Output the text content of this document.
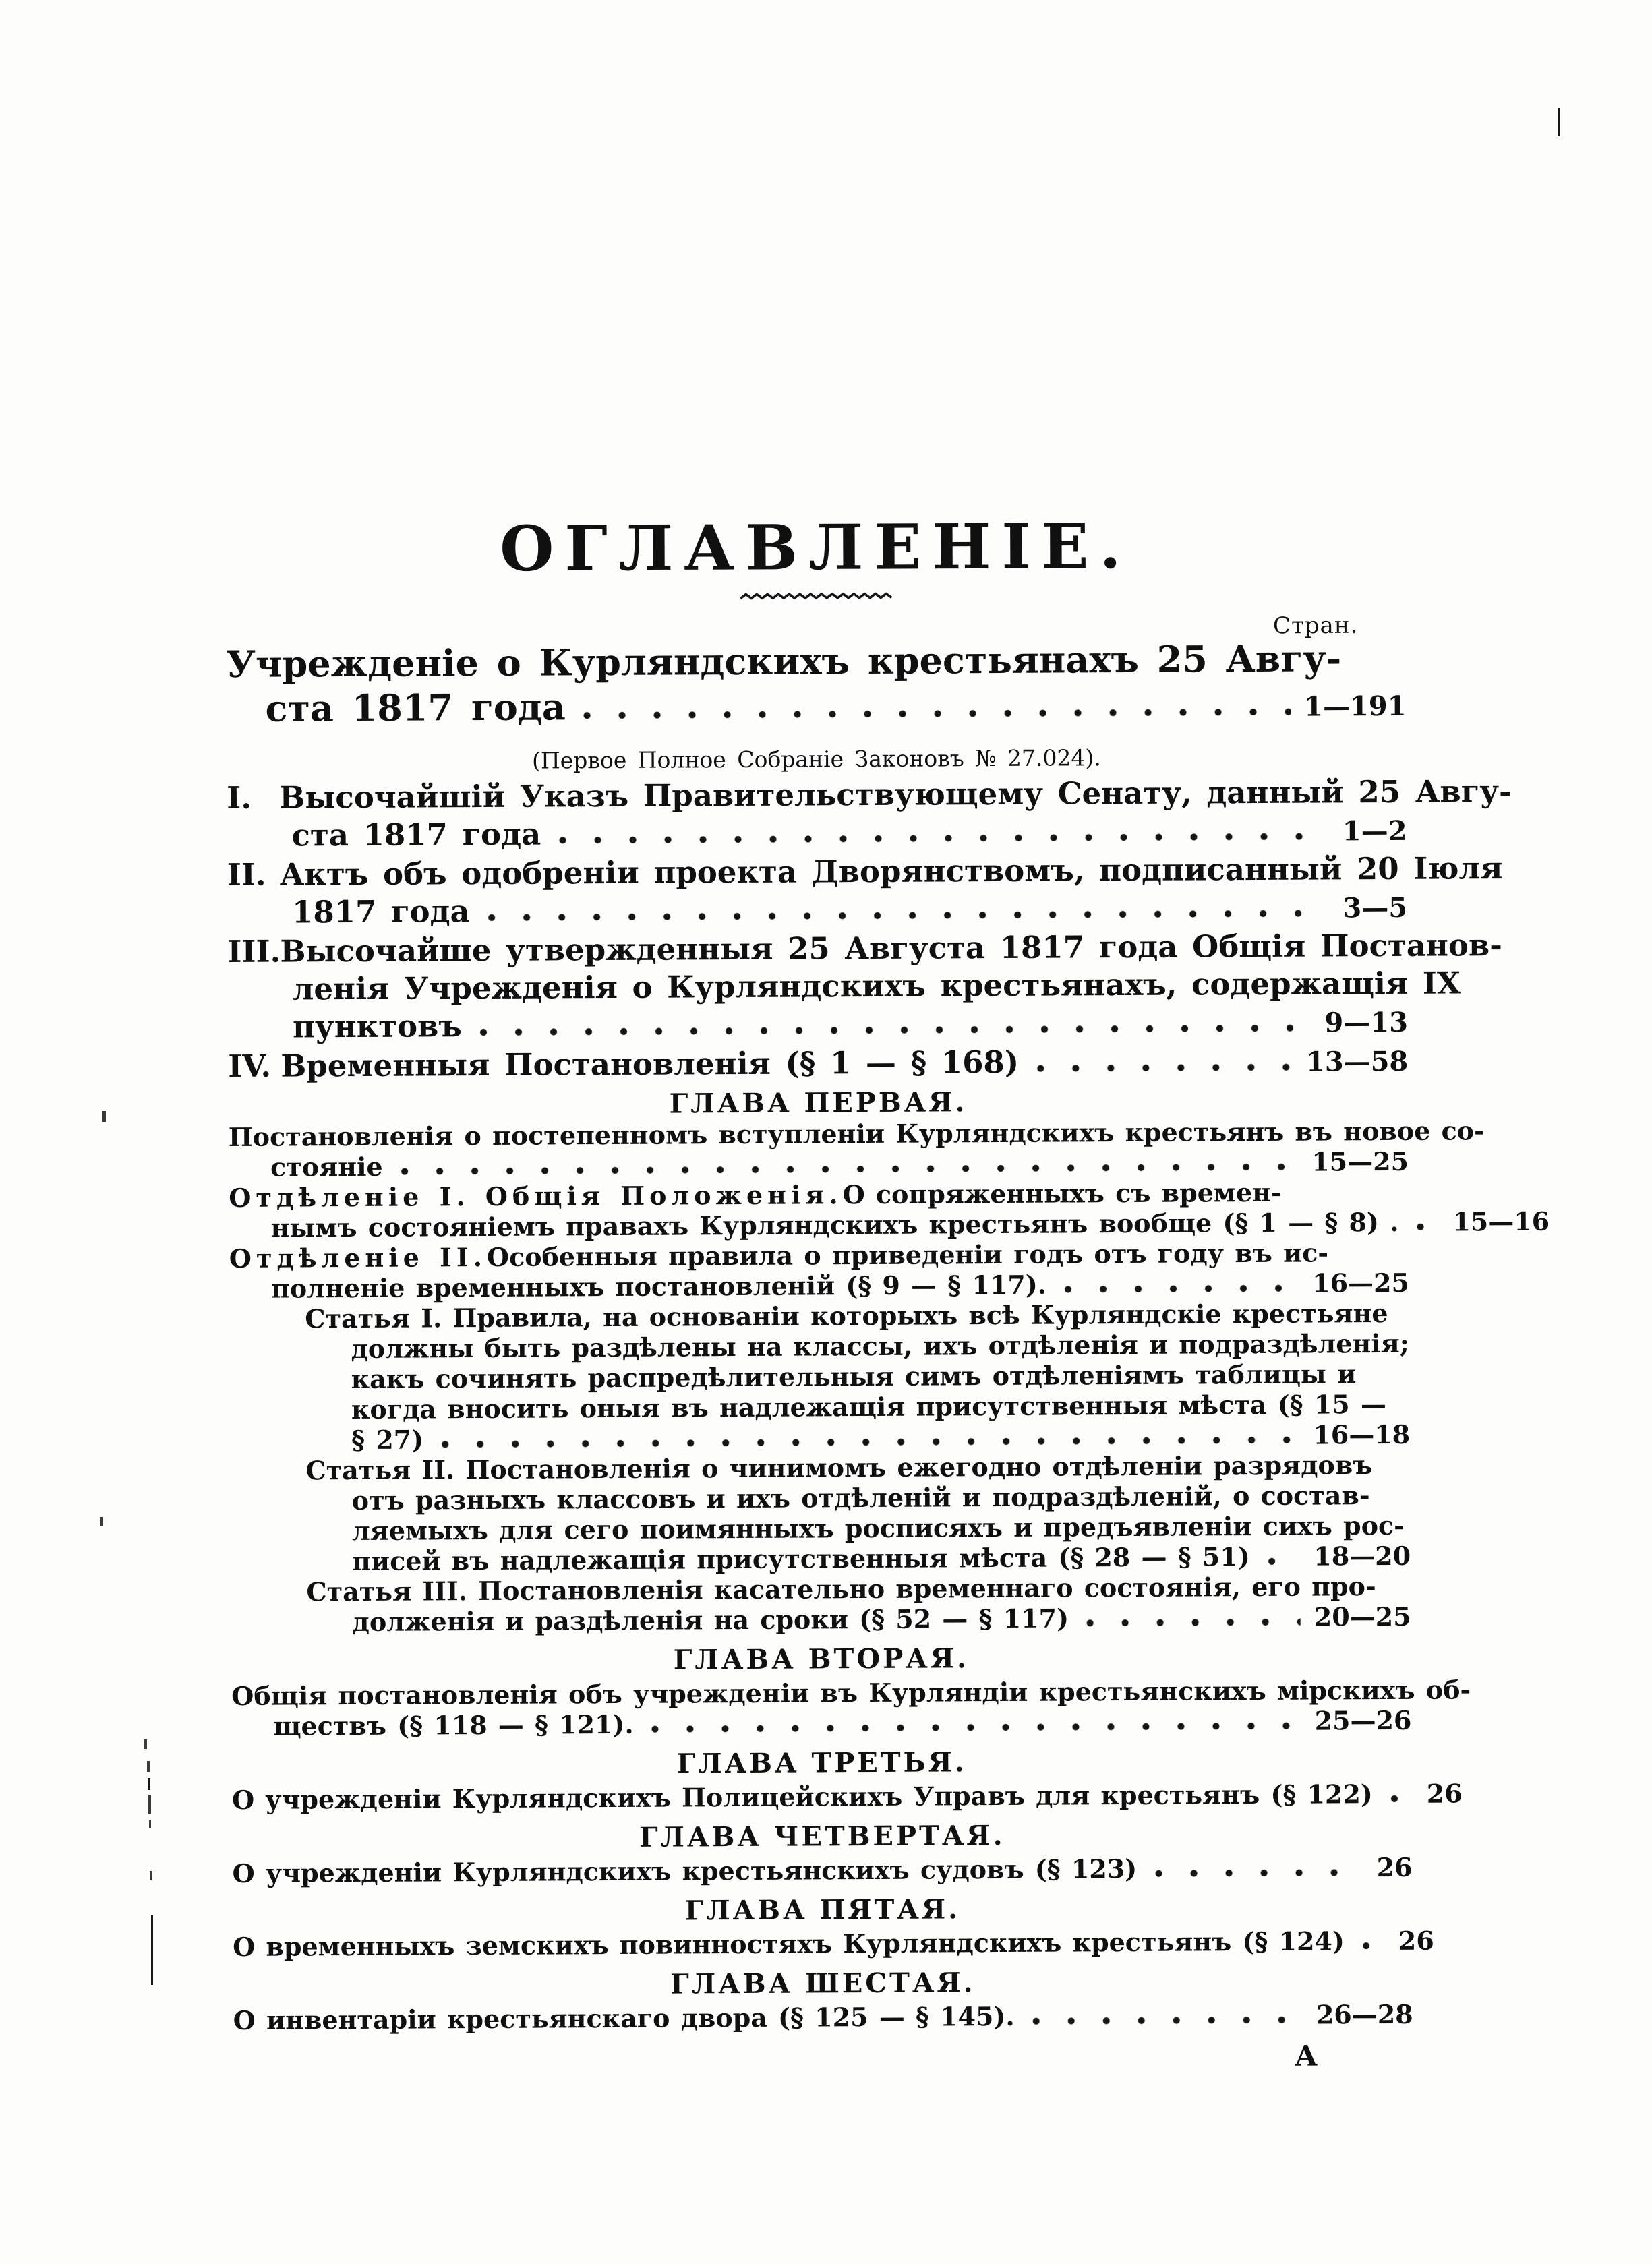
ОГЛАВЛЕНІЕ.
Стран.
Учрежденіе о Курляндскихъ крестьянахъ 25 Авгу-
ста 1817 года	1—191
(Первое Полное Собраніе Законовъ № 27.024).
I. Высочайшій Указъ Правительствующему Сенату, данный 25 Авгу-
ста 1817 года	1—2
II. Актъ объ одобреніи проекта Дворянствомъ, подписанный 20 Іюля
1817 года	3—5
III.
Высочайше утвержденныя 25 Августа 1817 года Общія Постанов-
ленія Учрежденія о Курляндскихъ крестьянахъ, содержащія IX
пунктовъ	9—13
IV. Временныя Постановленія (§ 1 — § 168)	13—58
ГЛАВА ПЕРВАЯ.
Постановленія о постепенномъ вступленіи Курляндскихъ крестьянъ въ новое со-
стояніе	15—25
Отдѣленіе I. Общія Положенія. О сопряженныхъ съ времен-
нымъ состояніемъ правахъ Курляндскихъ крестьянъ вообще (§ 1 — § 8) . 15—16
Отдѣленіе II. Особенныя правила о приведеніи годъ отъ году въ ис-
полненіе временныхъ постановленій (§ 9 — § 117).	16—25
Статья I. Правила, на основаніи которыхъ всѣ Курляндскіе крестьяне
должны быть раздѣлены на классы, ихъ отдѣленія и подраздѣленія;
какъ сочинять распредѣлительныя симъ отдѣленіямъ таблицы и
когда вносить оныя въ надлежащія присутственныя мѣста (§ 15 —
§ 27)	16—18
Статья II. Постановленія о чинимомъ ежегодно отдѣленіи разрядовъ
отъ разныхъ классовъ и ихъ отдѣленій и подраздѣленій, о состав-
ляемыхъ для сего поимянныхъ росписяхъ и предъявленіи сихъ рос-
писей въ надлежащія присутственныя мѣста (§ 28 — § 51) 18—20
Статья III. Постановленія касательно временнаго состоянія, его про-
долженія и раздѣленія на сроки (§ 52 — § 117)	20—25
ГЛАВА ВТОРАЯ.
Общія постановленія объ учрежденіи въ Курляндіи крестьянскихъ мірскихъ об-
ществъ (§ 118 — § 121).	25—26
ГЛАВА ТРЕТЬЯ.
О учрежденіи Курляндскихъ Полицейскихъ Управъ для крестьянъ (§ 122) 26
ГЛАВА ЧЕТВЕРТАЯ.
О учрежденіи Курляндскихъ крестьянскихъ судовъ (§ 123)	26
ГЛАВА ПЯТАЯ.
О временныхъ земскихъ повинностяхъ Курляндскихъ крестьянъ (§ 124) 26
ГЛАВА ШЕСТАЯ.
О инвентаріи крестьянскаго двора (§ 125 — § 145).	26—28
А
